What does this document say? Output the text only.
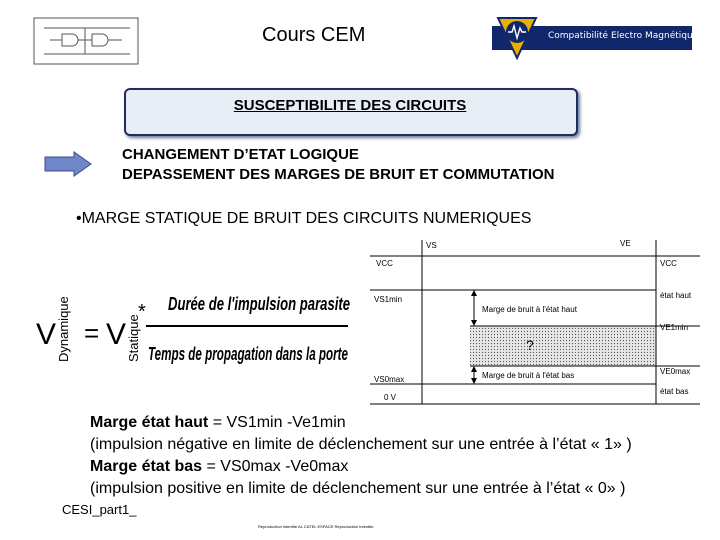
Cours CEM	Compatibilité Electro Magnétique
SUSCEPTIBILITE DES CIRCUITS
CHANGEMENT D’ETAT LOGIQUE
DEPASSEMENT DES MARGES DE BRUIT ET COMMUTATION
•MARGE STATIQUE DE BRUIT DES CIRCUITS NUMERIQUES
V Dynamique = V Statique
* Durée de l'impulsion parasite
Temps de propagation dans la porte
VS	VE
VCC	VCC
VS1min	état haut
Marge de bruit à l'état haut
VE1min
?
VE0max
Marge de bruit à l'état bas
VS0max
état bas
0 V
Marge état haut = VS1min -Ve1min
(impulsion négative en limite de déclenchement sur une entrée à l’état « 1» )
Marge état bas = VS0max -Ve0max
(impulsion positive en limite de déclenchement sur une entrée à l’état « 0» )
CESI_part1_
Reproduction interdite AL CATEL ESPACE Reproduction interdite
